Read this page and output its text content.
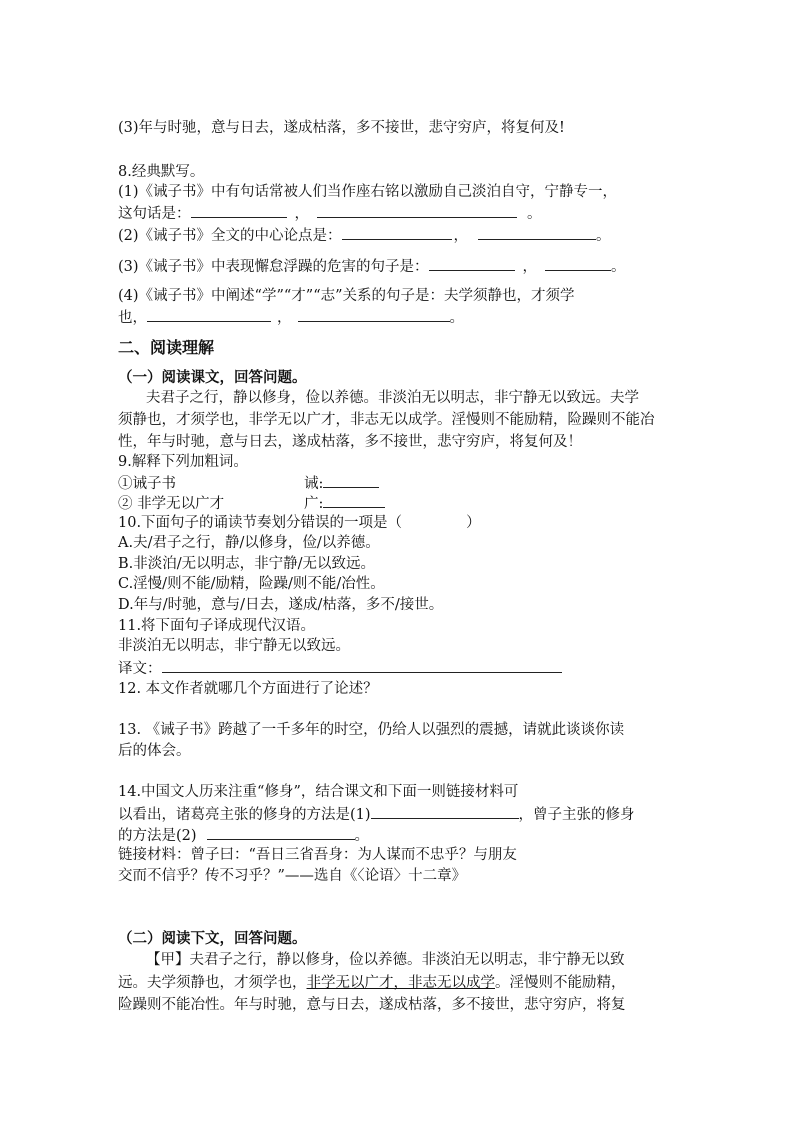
(3)年与时驰，意与日去，遂成枯落，多不接世，悲守穷庐，将复何及!
8.经典默写。
(1)《诫子书》中有句话常被人们当作座右铭以激励自己淡泊自守，宁静专一，
这句话是：	，	。
(2)《诫子书》全文的中心论点是：	，	。
(3)《诫子书》中表现懈怠浮躁的危害的句子是：	，	。
(4)《诫子书》中阐述“学”“才”“志”关系的句子是：夫学须静也，才须学
也，	，	。
二、阅读理解
（一）阅读课文，回答问题。
夫君子之行，静以修身，俭以养德。非淡泊无以明志，非宁静无以致远。夫学
须静也，才须学也，非学无以广才，非志无以成学。淫慢则不能励精，险躁则不能冶
性，年与时驰，意与日去，遂成枯落，多不接世，悲守穷庐，将复何及！
9.解释下列加粗词。
①诫子书	诫:
② 非学无以广才	广:
10.下面句子的诵读节奏划分错误的一项是（	）
A.夫/君子之行，静/以修身，俭/以养德。
B.非淡泊/无以明志，非宁静/无以致远。
C.淫慢/则不能/励精，险躁/则不能/冶性。
D.年与/时驰，意与/日去，遂成/枯落，多不/接世。
11.将下面句子译成现代汉语。
非淡泊无以明志，非宁静无以致远。
译文：
12. 本文作者就哪几个方面进行了论述？
13. 《诫子书》跨越了一千多年的时空，仍给人以强烈的震撼，请就此谈谈你读
后的体会。
14.中国文人历来注重“修身”，结合课文和下面一则链接材料可
以看出，诸葛亮主张的修身的方法是(1)	，曾子主张的修身
的方法是(2)	。
链接材料：曾子曰：“吾日三省吾身：为人谋而不忠乎？与朋友
交而不信乎？传不习乎？”——选自《〈论语〉十二章》
（二）阅读下文，回答问题。
【甲】夫君子之行，静以修身，俭以养德。非淡泊无以明志，非宁静无以致
远。夫学须静也，才须学也，非学无以广才，非志无以成学。淫慢则不能励精，
险躁则不能冶性。年与时驰，意与日去，遂成枯落，多不接世，悲守穷庐，将复
